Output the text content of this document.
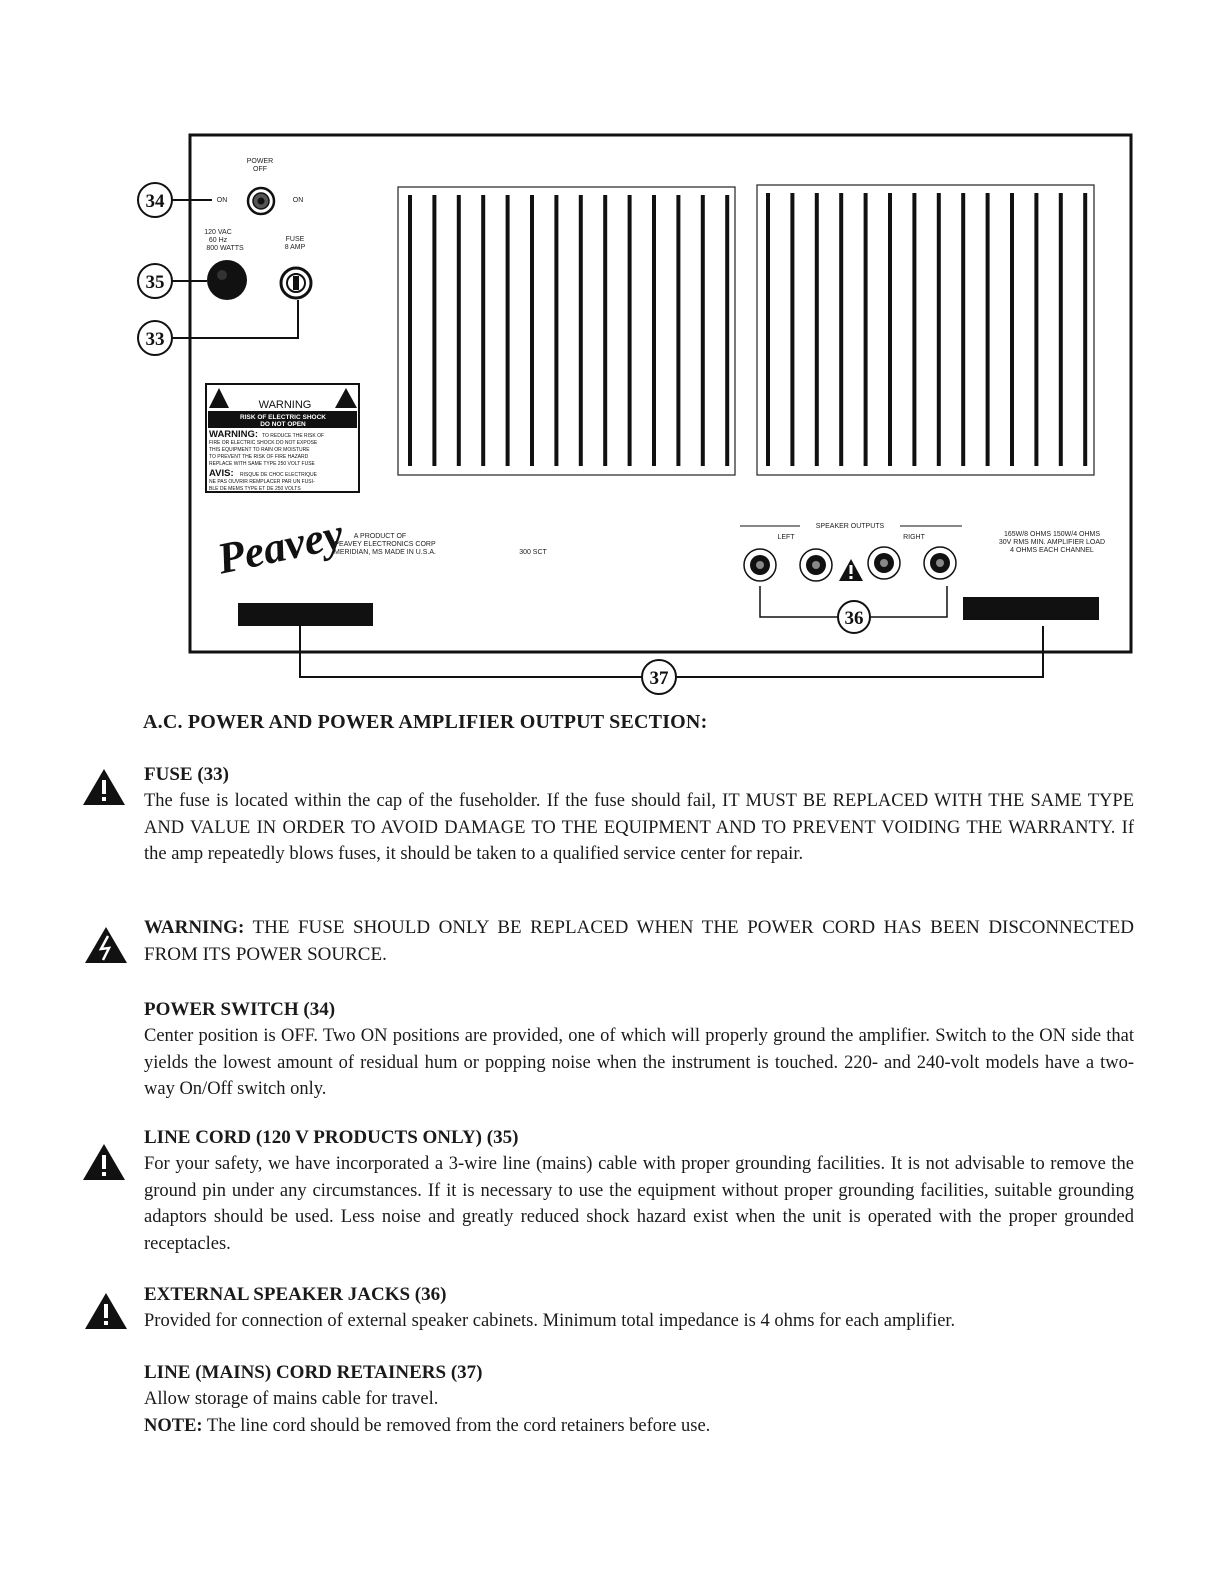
POWER
OFF
ON	ON
120 VAC
60 Hz
800 WATTS
FUSE
8 AMP
34
35
33
WARNING
RISK OF ELECTRIC SHOCK
DO NOT OPEN
WARNING: TO REDUCE THE RISK OF
FIRE OR ELECTRIC SHOCK DO NOT EXPOSE
THIS EQUIPMENT TO RAIN OR MOISTURE
TO PREVENT THE RISK OF FIRE HAZARD
REPLACE WITH SAME TYPE 250 VOLT FUSE
AVIS: RISQUE DE CHOC ELECTRIQUE
NE PAS OUVRIR REMPLACER PAR UN FUSI-
BLE DE MEMS TYPE ET DE 250 VOLTS
Peavey A PRODUCT OF
PEAVEY ELECTRONICS CORP
MERIDIAN, MS MADE IN U.S.A.	300 SCT
SPEAKER OUTPUTS
LEFT	RIGHT	165W/8 OHMS 150W/4 OHMS
30V RMS MIN. AMPLIFIER LOAD
4 OHMS EACH CHANNEL
36
37
A.C. POWER AND POWER AMPLIFIER OUTPUT SECTION:
FUSE (33)

The fuse is located within the cap of the fuseholder. If the fuse should fail, IT MUST BE REPLACED WITH THE SAME TYPE AND VALUE IN ORDER TO AVOID DAMAGE TO THE EQUIPMENT AND TO PREVENT VOIDING THE WARRANTY. If the amp repeatedly blows fuses, it should be taken to a qualified service center for repair.

WARNING: THE FUSE SHOULD ONLY BE REPLACED WHEN THE POWER CORD HAS BEEN DISCONNECTED FROM ITS POWER SOURCE.

POWER SWITCH (34)

Center position is OFF. Two ON positions are provided, one of which will properly ground the amplifier. Switch to the ON side that yields the lowest amount of residual hum or popping noise when the instrument is touched. 220- and 240-volt models have a two-way On/Off switch only.

LINE CORD (120 V PRODUCTS ONLY) (35)

For your safety, we have incorporated a 3-wire line (mains) cable with proper grounding facilities. It is not advisable to remove the ground pin under any circumstances. If it is necessary to use the equipment without proper grounding facilities, suitable grounding adaptors should be used. Less noise and greatly reduced shock hazard exist when the unit is operated with the proper grounded receptacles.

EXTERNAL SPEAKER JACKS (36)

Provided for connection of external speaker cabinets. Minimum total impedance is 4 ohms for each amplifier.

LINE (MAINS) CORD RETAINERS (37)

Allow storage of mains cable for travel.

NOTE: The line cord should be removed from the cord retainers before use.
